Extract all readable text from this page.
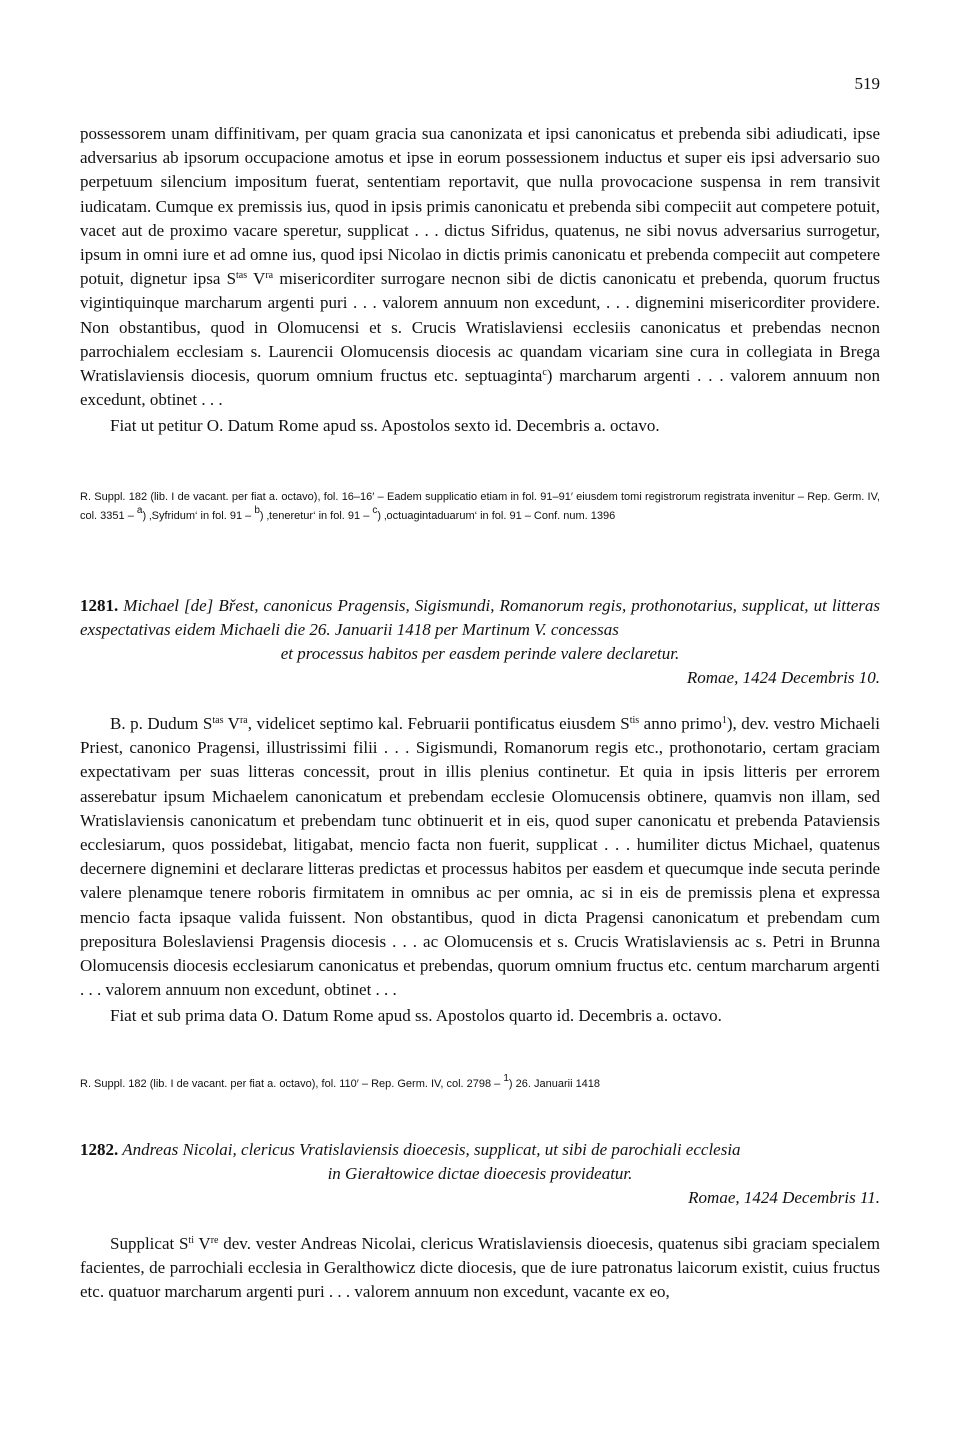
519

possessorem unam diffinitivam, per quam gracia sua canonizata et ipsi canonicatus et prebenda sibi adiudicati, ipse adversarius ab ipsorum occupacione amotus et ipse in eorum possessionem inductus et super eis ipsi adversario suo perpetuum silencium impositum fuerat, sententiam reportavit, que nulla provocacione suspensa in rem transivit iudicatam. Cumque ex premissis ius, quod in ipsis primis canonicatu et prebenda sibi compeciit aut competere potuit, vacet aut de proximo vacare speretur, supplicat . . . dictus Sifridus, quatenus, ne sibi novus adversarius surrogetur, ipsum in omni iure et ad omne ius, quod ipsi Nicolao in dictis primis canonicatu et prebenda compeciit aut competere potuit, dignetur ipsa $S^{tas}$ $V^{ra}$ misericorditer surrogare necnon sibi de dictis canonicatu et prebenda, quorum fructus vigintiquinque marcharum argenti puri . . . valorem annuum non excedunt, . . . dignemini misericorditer providere. Non obstantibus, quod in Olomucensi et s. Crucis Wratislaviensi ecclesiis canonicatus et prebendas necnon parrochialem ecclesiam s. Laurencii Olomucensis diocesis ac quandam vicariam sine cura in collegiata in Brega Wratislaviensis diocesis, quorum omnium fructus etc. septuaginta$^c$) marcharum argenti . . . valorem annuum non excedunt, obtinet . . .

Fiat ut petitur O. Datum Rome apud ss. Apostolos sexto id. Decembris a. octavo.

R. Suppl. 182 (lib. I de vacant. per fiat a. octavo), fol. 16–16′ – Eadem supplicatio etiam in fol. 91–91′ eiusdem tomi registrorum registrata invenitur – Rep. Germ. IV, col. 3351 – $^a$) ‚Syfridum‘ in fol. 91 – $^b$) ‚teneretur‘ in fol. 91 – $^c$) ‚octuagintaduarum‘ in fol. 91 – Conf. num. 1396

1281. Michael [de] Břest, canonicus Pragensis, Sigismundi, Romanorum regis, prothonotarius, supplicat, ut litteras exspectativas eidem Michaeli die 26. Januarii 1418 per Martinum V. concessas

et processus habitos per easdem perinde valere declaretur.

Romae, 1424 Decembris 10.

B. p. Dudum $S^{tas}$ $V^{ra}$, videlicet septimo kal. Februarii pontificatus eiusdem $S^{tis}$ anno primo$^1$), dev. vestro Michaeli Priest, canonico Pragensi, illustrissimi filii . . . Sigismundi, Romanorum regis etc., prothonotario, certam graciam expectativam per suas litteras concessit, prout in illis plenius continetur. Et quia in ipsis litteris per errorem asserebatur ipsum Michaelem canonicatum et prebendam ecclesie Olomucensis obtinere, quamvis non illam, sed Wratislaviensis canonicatum et prebendam tunc obtinuerit et in eis, quod super canonicatu et prebenda Pataviensis ecclesiarum, quos possidebat, litigabat, mencio facta non fuerit, supplicat . . . humiliter dictus Michael, quatenus decernere dignemini et declarare litteras predictas et processus habitos per easdem et quecumque inde secuta perinde valere plenamque tenere roboris firmitatem in omnibus ac per omnia, ac si in eis de premissis plena et expressa mencio facta ipsaque valida fuissent. Non obstantibus, quod in dicta Pragensi canonicatum et prebendam cum prepositura Boleslaviensi Pragensis diocesis . . . ac Olomucensis et s. Crucis Wratislaviensis ac s. Petri in Brunna Olomucensis diocesis ecclesiarum canonicatus et prebendas, quorum omnium fructus etc. centum marcharum argenti . . . valorem annuum non excedunt, obtinet . . .

Fiat et sub prima data O. Datum Rome apud ss. Apostolos quarto id. Decembris a. octavo.

R. Suppl. 182 (lib. I de vacant. per fiat a. octavo), fol. 110′ – Rep. Germ. IV, col. 2798 – $^1$) 26. Januarii 1418

1282. Andreas Nicolai, clericus Vratislaviensis dioecesis, supplicat, ut sibi de parochiali ecclesia

in Gierałtowice dictae dioecesis provideatur.

Romae, 1424 Decembris 11.

Supplicat $S^{ti}$ Vre dev. vester Andreas Nicolai, clericus Wratislaviensis dioecesis, quatenus sibi graciam specialem facientes, de parrochiali ecclesia in Geralthowicz dicte diocesis, que de iure patronatus laicorum existit, cuius fructus etc. quatuor marcharum argenti puri . . . valorem annuum non excedunt, vacante ex eo,
